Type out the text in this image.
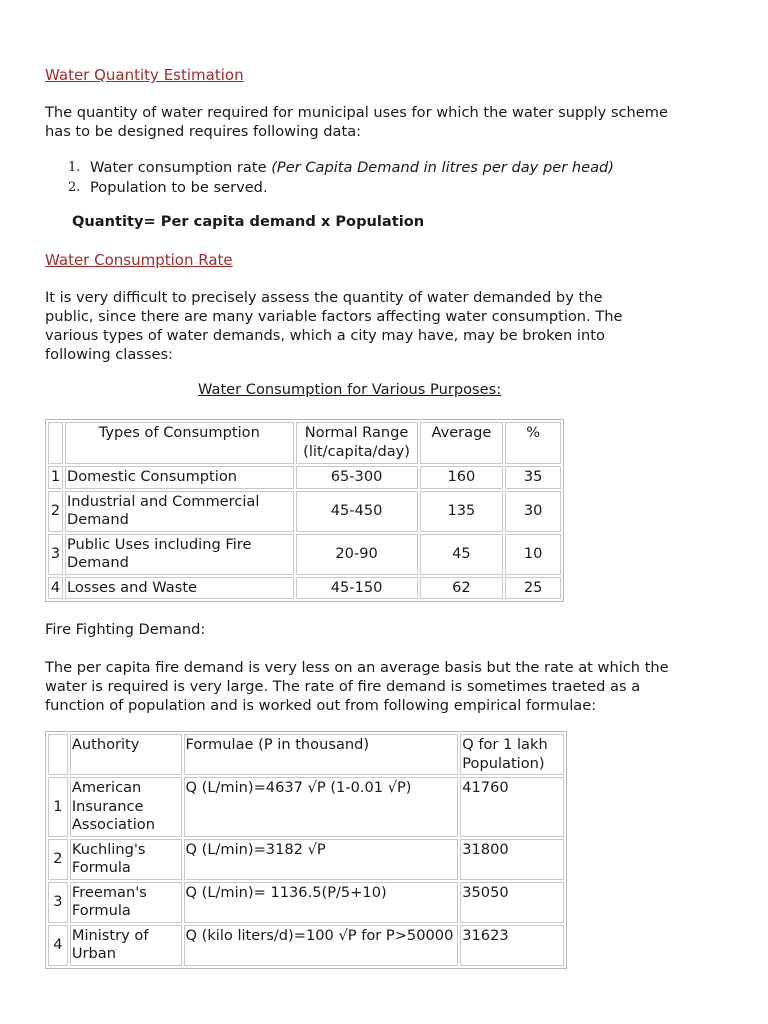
Water Quantity Estimation
The quantity of water required for municipal uses for which the water supply scheme has to be designed requires following data:
1. Water consumption rate (Per Capita Demand in litres per day per head)
2. Population to be served.
Quantity= Per capita demand x Population
Water Consumption Rate
It is very difficult to precisely assess the quantity of water demanded by the public, since there are many variable factors affecting water consumption. The various types of water demands, which a city may have, may be broken into following classes:
Water Consumption for Various Purposes:
	Types of Consumption	Normal Range (lit/capita/day)	Average	%
1	Domestic Consumption	65-300	160	35
2	Industrial and Commercial Demand	45-450	135	30
3	Public Uses including Fire Demand	20-90	45	10
4	Losses and Waste	45-150	62	25
Fire Fighting Demand:
The per capita fire demand is very less on an average basis but the rate at which the water is required is very large. The rate of fire demand is sometimes traeted as a function of population and is worked out from following empirical formulae:
	Authority	Formulae (P in thousand)	Q for 1 lakh Population)
1	American Insurance Association	Q (L/min)=4637 √P (1-0.01 √P)	41760
2	Kuchling's Formula	Q (L/min)=3182 √P	31800
3	Freeman's Formula	Q (L/min)= 1136.5(P/5+10)	35050
4	Ministry of Urban	Q (kilo liters/d)=100 √P for P>50000	31623
